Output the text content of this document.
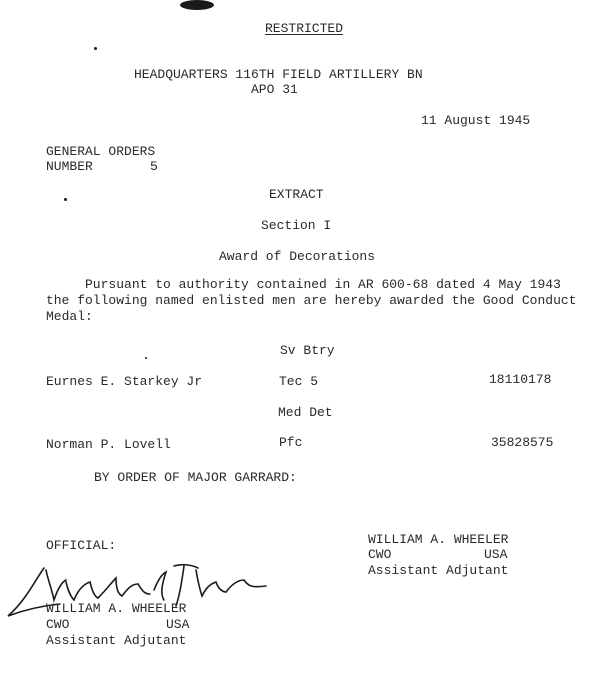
RESTRICTED
HEADQUARTERS 116TH FIELD ARTILLERY BN
APO 31
11 August 1945
GENERAL ORDERS
NUMBER	5
EXTRACT
Section I
Award of Decorations
Pursuant to authority contained in AR 600-68 dated 4 May 1943
the following named enlisted men are hereby awarded the Good Conduct
Medal:
Sv Btry
Eurnes E. Starkey Jr	Tec 5	18110178
Med Det
Norman P. Lovell	Pfc	35828575
BY ORDER OF MAJOR GARRARD:
WILLIAM A. WHEELER
CWO	USA
Assistant Adjutant
OFFICIAL:
WILLIAM A. WHEELER
CWO	USA
Assistant Adjutant
